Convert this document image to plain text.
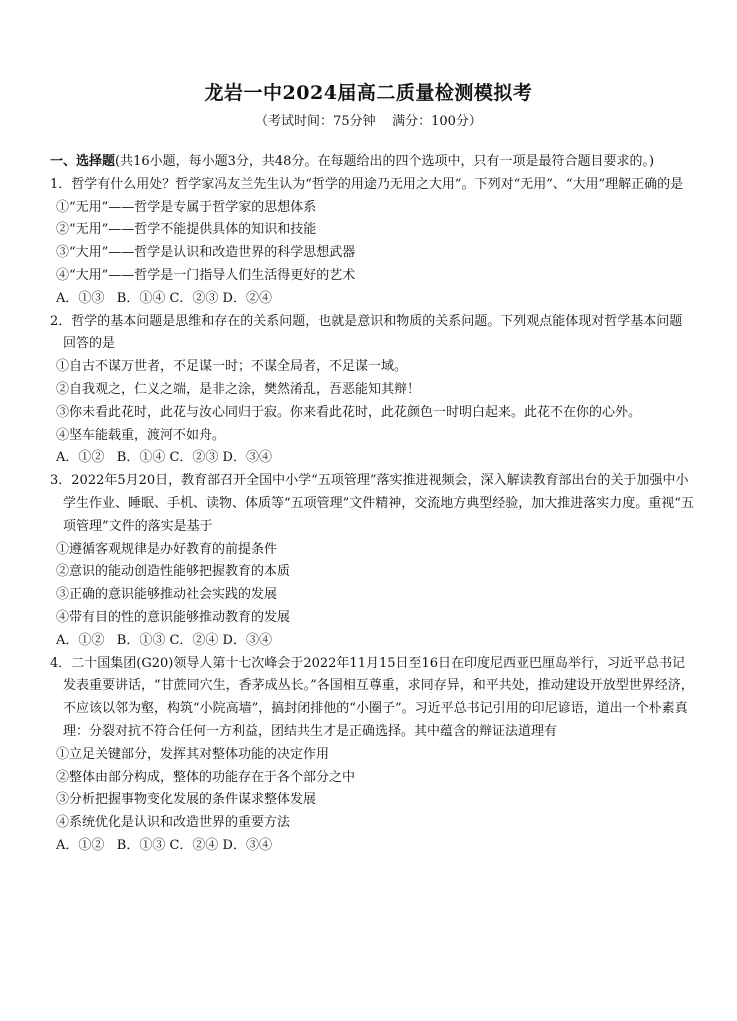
龙岩一中2024届高二质量检测模拟考
（考试时间：75分钟    满分：100分）

一、选择题(共16小题，每小题3分，共48分。在每题给出的四个选项中，只有一项是最符合题目要求的。)

1．哲学有什么用处？哲学家冯友兰先生认为“哲学的用途乃无用之大用”。下列对“无用”、“大用”理解正确的是

①“无用”——哲学是专属于哲学家的思想体系

②“无用”——哲学不能提供具体的知识和技能

③“大用”——哲学是认识和改造世界的科学思想武器

④“大用”——哲学是一门指导人们生活得更好的艺术

A．①③   B．①④ C．②③ D．②④

2．哲学的基本问题是思维和存在的关系问题，也就是意识和物质的关系问题。下列观点能体现对哲学基本问题回答的是

①自古不谋万世者，不足谋一时；不谋全局者，不足谋一域。

②自我观之，仁义之端，是非之涂，樊然淆乱，吾恶能知其辩！

③你未看此花时，此花与汝心同归于寂。你来看此花时，此花颜色一时明白起来。此花不在你的心外。

④坚车能载重，渡河不如舟。

A．①②   B．①④ C．②③ D．③④

3．2022年5月20日，教育部召开全国中小学“五项管理”落实推进视频会，深入解读教育部出台的关于加强中小学生作业、睡眠、手机、读物、体质等“五项管理”文件精神，交流地方典型经验，加大推进落实力度。重视“五项管理”文件的落实是基于

①遵循客观规律是办好教育的前提条件

②意识的能动创造性能够把握教育的本质

③正确的意识能够推动社会实践的发展

④带有目的性的意识能够推动教育的发展

A．①②   B．①③ C．②④ D．③④

4．二十国集团(G20)领导人第十七次峰会于2022年11月15日至16日在印度尼西亚巴厘岛举行，习近平总书记发表重要讲话，“甘蔗同穴生，香茅成丛长。”各国相互尊重，求同存异，和平共处，推动建设开放型世界经济，不应该以邻为壑，构筑“小院高墙”，搞封闭排他的“小圈子”。习近平总书记引用的印尼谚语，道出一个朴素真理：分裂对抗不符合任何一方利益，团结共生才是正确选择。其中蕴含的辩证法道理有

①立足关键部分，发挥其对整体功能的决定作用

②整体由部分构成，整体的功能存在于各个部分之中

③分析把握事物变化发展的条件谋求整体发展

④系统优化是认识和改造世界的重要方法

A．①②   B．①③ C．②④ D．③④
